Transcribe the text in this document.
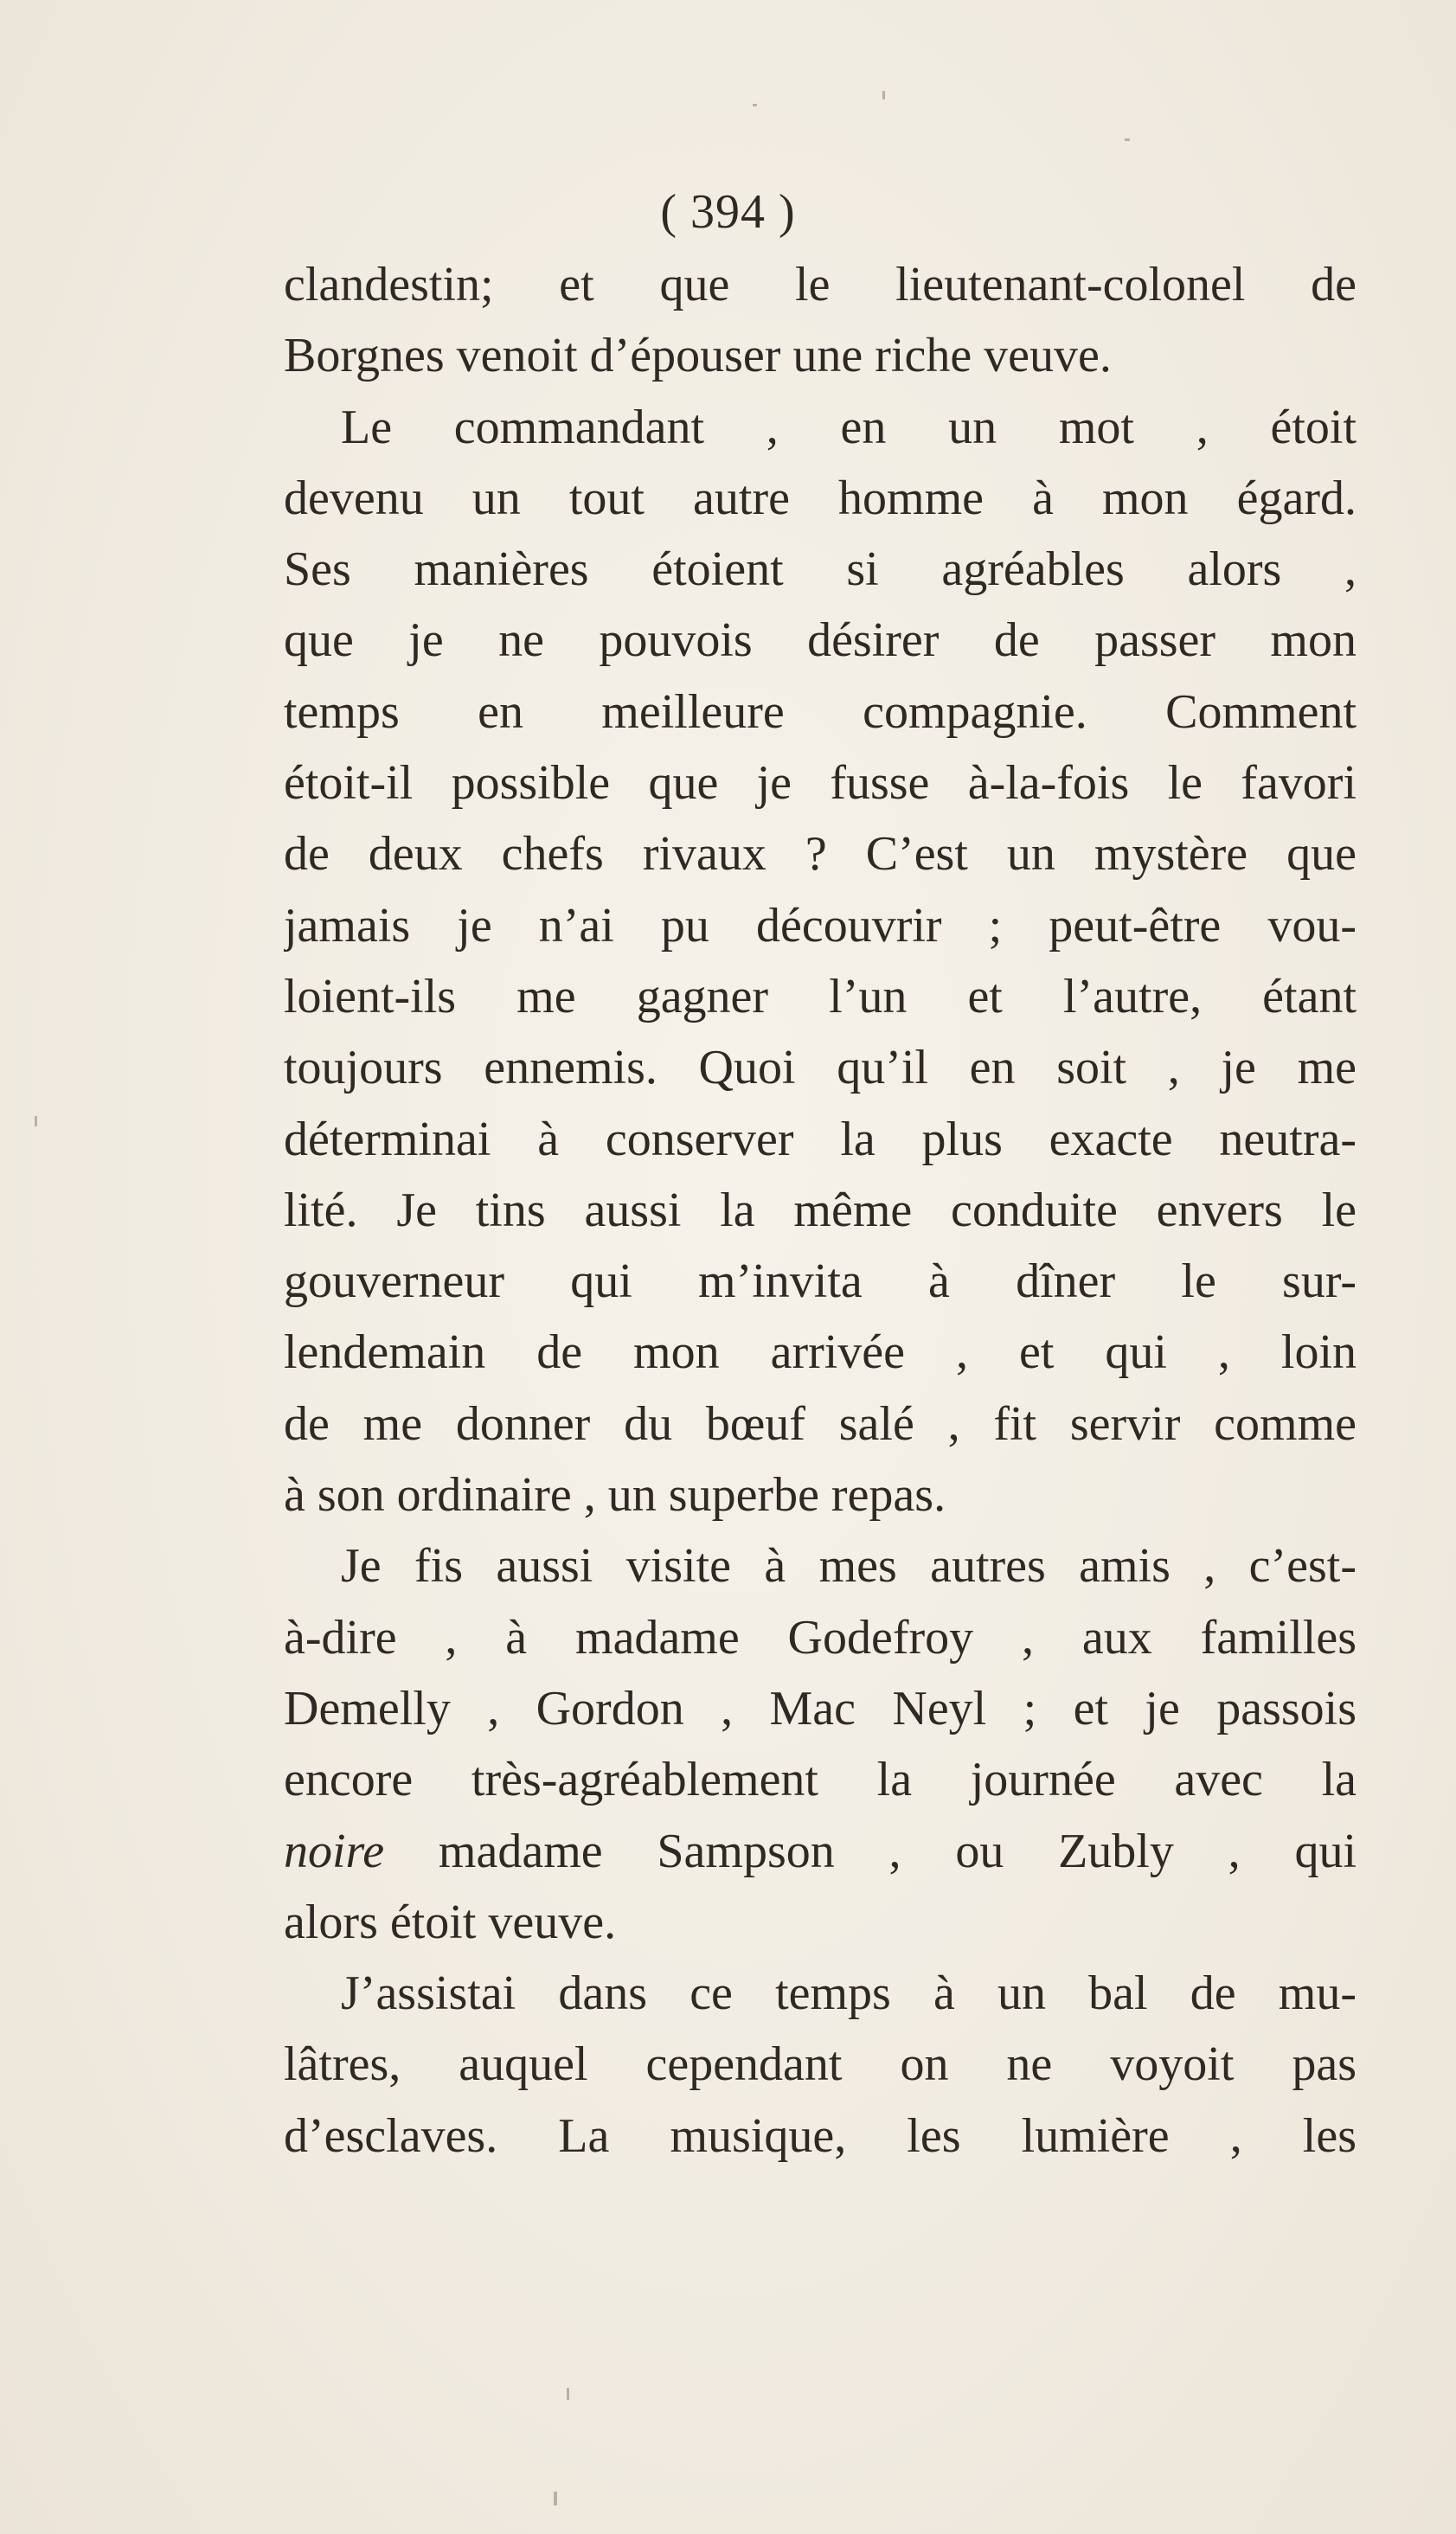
( 394 )
clandestin; et que le lieutenant-colonel de
Borgnes venoit d’épouser une riche veuve.
Le commandant , en un mot , étoit
devenu un tout autre homme à mon égard.
Ses manières étoient si agréables alors ,
que je ne pouvois désirer de passer mon
temps en meilleure compagnie. Comment
étoit-il possible que je fusse à-la-fois le favori
de deux chefs rivaux ? C’est un mystère que
jamais je n’ai pu découvrir ; peut-être vou-
loient-ils me gagner l’un et l’autre, étant
toujours ennemis. Quoi qu’il en soit , je me
déterminai à conserver la plus exacte neutra-
lité. Je tins aussi la même conduite envers le
gouverneur qui m’invita à dîner le sur-
lendemain de mon arrivée , et qui , loin
de me donner du bœuf salé , fit servir comme
à son ordinaire , un superbe repas.
Je fis aussi visite à mes autres amis , c’est-
à-dire , à madame Godefroy , aux familles
Demelly , Gordon , Mac Neyl ; et je passois
encore très-agréablement la journée avec la
noire madame Sampson , ou Zubly , qui
alors étoit veuve.
J’assistai dans ce temps à un bal de mu-
lâtres, auquel cependant on ne voyoit pas
d’esclaves. La musique, les lumière , les
